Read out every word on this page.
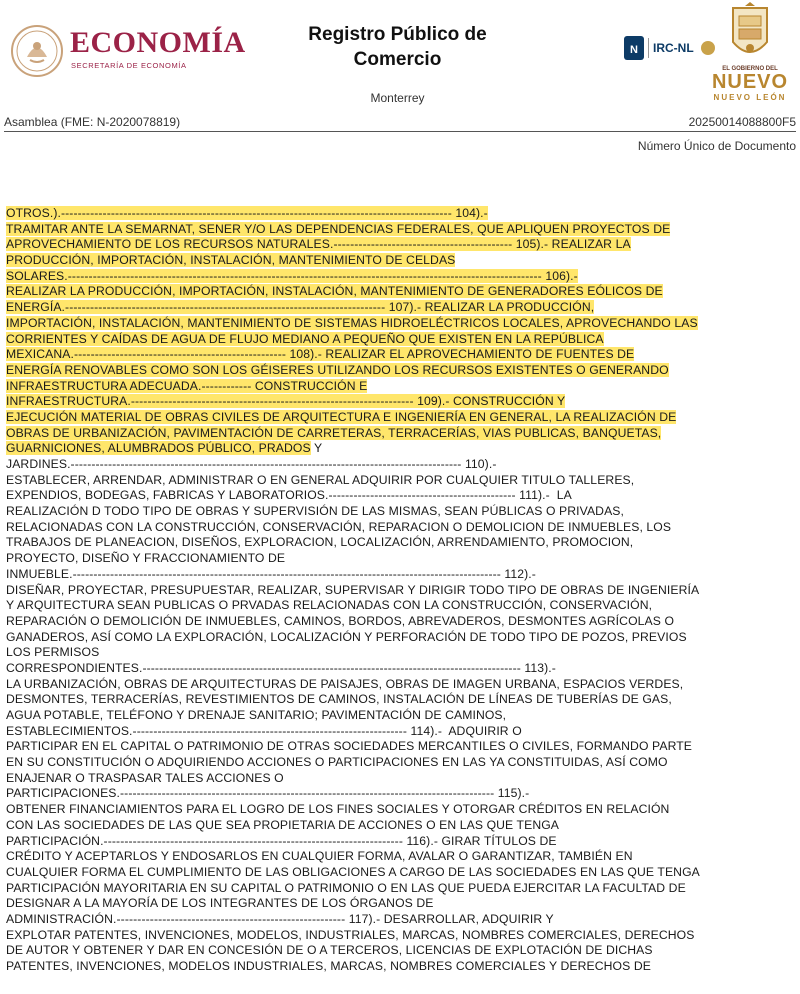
ECONOMÍA
SECRETARÍA DE ECONOMÍA
Registro Público de
Comercio
Monterrey
N IRC-NL
EL GOBIERNO DEL
NUEVO
NUEVO LEÓN
Asamblea (FME: N-2020078819)	20250014088800F5
Número Único de Documento
OTROS.).---------------------------------------------------------------------------------------------- 104).-
TRAMITAR ANTE LA SEMARNAT, SENER Y/O LAS DEPENDENCIAS FEDERALES, QUE APLIQUEN PROYECTOS DE
APROVECHAMIENTO DE LOS RECURSOS NATURALES.------------------------------------------- 105).- REALIZAR LA
PRODUCCIÓN, IMPORTACIÓN, INSTALACIÓN, MANTENIMIENTO DE CELDAS
SOLARES.------------------------------------------------------------------------------------------------------------------ 106).-
REALIZAR LA PRODUCCIÓN, IMPORTACIÓN, INSTALACIÓN, MANTENIMIENTO DE GENERADORES EÓLICOS DE
ENERGÍA.----------------------------------------------------------------------------- 107).- REALIZAR LA PRODUCCIÓN,
IMPORTACIÓN, INSTALACIÓN, MANTENIMIENTO DE SISTEMAS HIDROELÉCTRICOS LOCALES, APROVECHANDO LAS
CORRIENTES Y CAÍDAS DE AGUA DE FLUJO MEDIANO A PEQUEÑO QUE EXISTEN EN LA REPÚBLICA
MEXICANA.--------------------------------------------------- 108).- REALIZAR EL APROVECHAMIENTO DE FUENTES DE
ENERGÍA RENOVABLES COMO SON LOS GÉISERES UTILIZANDO LOS RECURSOS EXISTENTES O GENERANDO
INFRAESTRUCTURA ADECUADA.------------ CONSTRUCCIÓN E
INFRAESTRUCTURA.-------------------------------------------------------------------- 109).- CONSTRUCCIÓN Y
EJECUCIÓN MATERIAL DE OBRAS CIVILES DE ARQUITECTURA E INGENIERÍA EN GENERAL, LA REALIZACIÓN DE
OBRAS DE URBANIZACIÓN, PAVIMENTACIÓN DE CARRETERAS, TERRACERÍAS, VIAS PUBLICAS, BANQUETAS,
GUARNICIONES, ALUMBRADOS PÚBLICO, PRADOS Y
JARDINES.---------------------------------------------------------------------------------------------- 110).-
ESTABLECER, ARRENDAR, ADMINISTRAR O EN GENERAL ADQUIRIR POR CUALQUIER TITULO TALLERES,
EXPENDIOS, BODEGAS, FABRICAS Y LABORATORIOS.--------------------------------------------- 111).-  LA
REALIZACIÓN D TODO TIPO DE OBRAS Y SUPERVISIÓN DE LAS MISMAS, SEAN PÚBLICAS O PRIVADAS,
RELACIONADAS CON LA CONSTRUCCIÓN, CONSERVACIÓN, REPARACION O DEMOLICION DE INMUEBLES, LOS
TRABAJOS DE PLANEACION, DISEÑOS, EXPLORACION, LOCALIZACIÓN, ARRENDAMIENTO, PROMOCION,
PROYECTO, DISEÑO Y FRACCIONAMIENTO DE
INMUEBLE.------------------------------------------------------------------------------------------------------- 112).-
DISEÑAR, PROYECTAR, PRESUPUESTAR, REALIZAR, SUPERVISAR Y DIRIGIR TODO TIPO DE OBRAS DE INGENIERÍA
Y ARQUITECTURA SEAN PUBLICAS O PRVADAS RELACIONADAS CON LA CONSTRUCCIÓN, CONSERVACIÓN,
REPARACIÓN O DEMOLICIÓN DE INMUEBLES, CAMINOS, BORDOS, ABREVADEROS, DESMONTES AGRÍCOLAS O
GANADEROS, ASÍ COMO LA EXPLORACIÓN, LOCALIZACIÓN Y PERFORACIÓN DE TODO TIPO DE POZOS, PREVIOS
LOS PERMISOS
CORRESPONDIENTES.------------------------------------------------------------------------------------------- 113).-
LA URBANIZACIÓN, OBRAS DE ARQUITECTURAS DE PAISAJES, OBRAS DE IMAGEN URBANA, ESPACIOS VERDES,
DESMONTES, TERRACERÍAS, REVESTIMIENTOS DE CAMINOS, INSTALACIÓN DE LÍNEAS DE TUBERÍAS DE GAS,
AGUA POTABLE, TELÉFONO Y DRENAJE SANITARIO; PAVIMENTACIÓN DE CAMINOS,
ESTABLECIMIENTOS.------------------------------------------------------------------ 114).-  ADQUIRIR O
PARTICIPAR EN EL CAPITAL O PATRIMONIO DE OTRAS SOCIEDADES MERCANTILES O CIVILES, FORMANDO PARTE
EN SU CONSTITUCIÓN O ADQUIRIENDO ACCIONES O PARTICIPACIONES EN LAS YA CONSTITUIDAS, ASÍ COMO
ENAJENAR O TRASPASAR TALES ACCIONES O
PARTICIPACIONES.------------------------------------------------------------------------------------------ 115).-
OBTENER FINANCIAMIENTOS PARA EL LOGRO DE LOS FINES SOCIALES Y OTORGAR CRÉDITOS EN RELACIÓN
CON LAS SOCIEDADES DE LAS QUE SEA PROPIETARIA DE ACCIONES O EN LAS QUE TENGA
PARTICIPACIÓN.------------------------------------------------------------------------ 116).- GIRAR TÍTULOS DE
CRÉDITO Y ACEPTARLOS Y ENDOSARLOS EN CUALQUIER FORMA, AVALAR O GARANTIZAR, TAMBIÉN EN
CUALQUIER FORMA EL CUMPLIMIENTO DE LAS OBLIGACIONES A CARGO DE LAS SOCIEDADES EN LAS QUE TENGA
PARTICIPACIÓN MAYORITARIA EN SU CAPITAL O PATRIMONIO O EN LAS QUE PUEDA EJERCITAR LA FACULTAD DE
DESIGNAR A LA MAYORÍA DE LOS INTEGRANTES DE LOS ÓRGANOS DE
ADMINISTRACIÓN.------------------------------------------------------- 117).- DESARROLLAR, ADQUIRIR Y
EXPLOTAR PATENTES, INVENCIONES, MODELOS, INDUSTRIALES, MARCAS, NOMBRES COMERCIALES, DERECHOS
DE AUTOR Y OBTENER Y DAR EN CONCESIÓN DE O A TERCEROS, LICENCIAS DE EXPLOTACIÓN DE DICHAS
PATENTES, INVENCIONES, MODELOS INDUSTRIALES, MARCAS, NOMBRES COMERCIALES Y DERECHOS DE
